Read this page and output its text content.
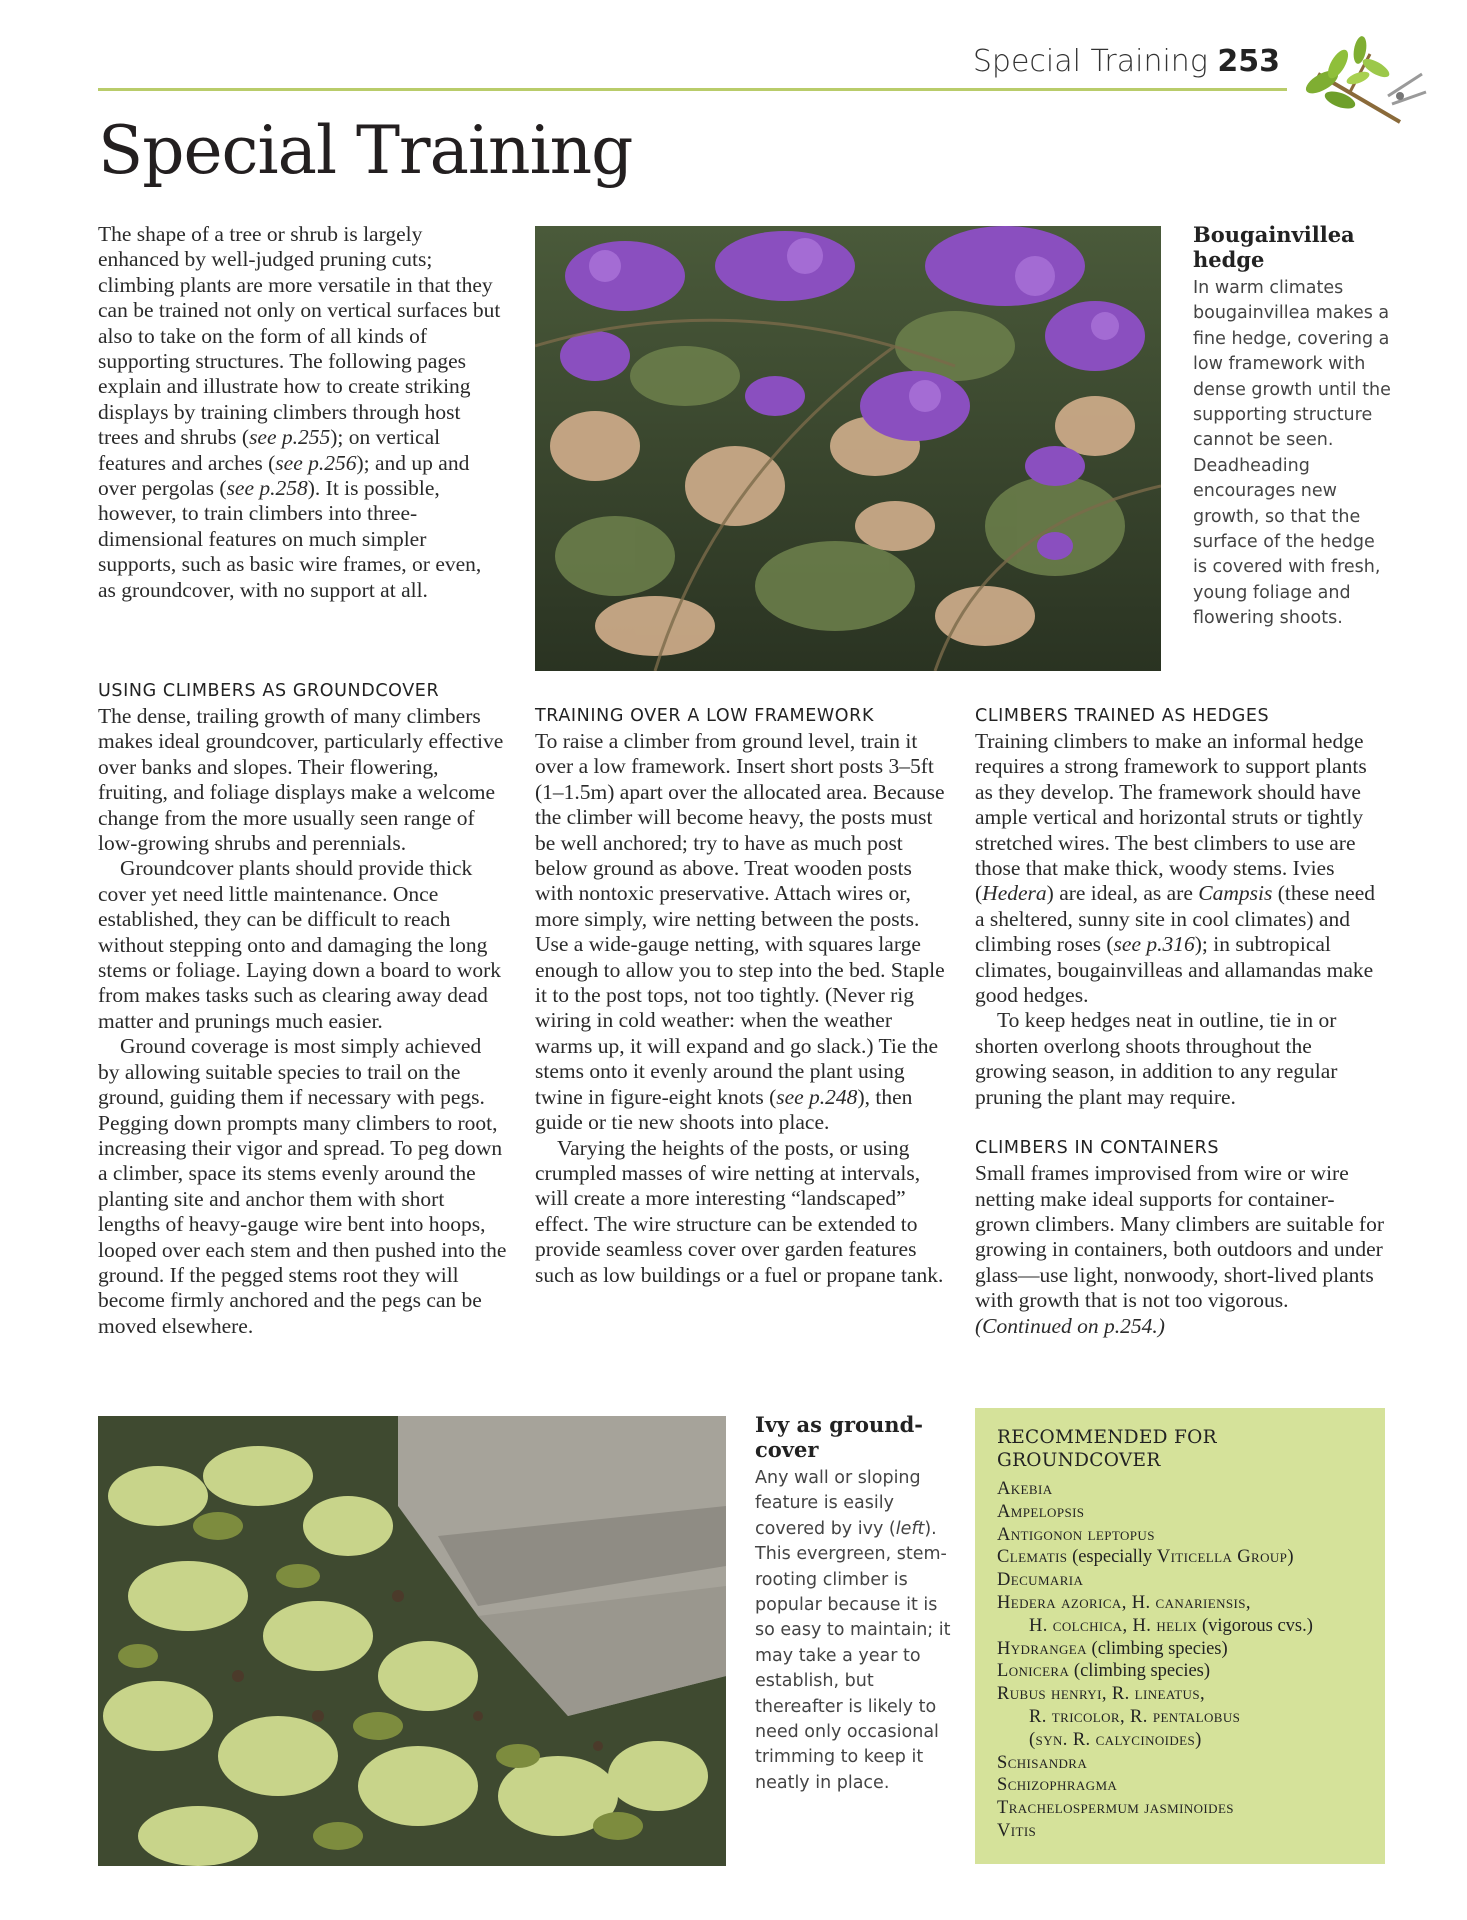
Special Training 253
Special Training

The shape of a tree or shrub is largely enhanced by well-judged pruning cuts; climbing plants are more versatile in that they can be trained not only on vertical surfaces but also to take on the form of all kinds of supporting structures. The following pages explain and illustrate how to create striking displays by training climbers through host trees and shrubs (see p.255); on vertical features and arches (see p.256); and up and over pergolas (see p.258). It is possible, however, to train climbers into three-dimensional features on much simpler supports, such as basic wire frames, or even, as groundcover, with no support at all.

Bougainvillea hedge

In warm climates bougainvillea makes a fine hedge, covering a low framework with dense growth until the supporting structure cannot be seen. Deadheading encourages new growth, so that the surface of the hedge is covered with fresh, young foliage and flowering shoots.

USING CLIMBERS AS GROUNDCOVER

The dense, trailing growth of many climbers makes ideal groundcover, particularly effective over banks and slopes. Their flowering, fruiting, and foliage displays make a welcome change from the more usually seen range of low-growing shrubs and perennials.

Groundcover plants should provide thick cover yet need little maintenance. Once established, they can be difficult to reach without stepping onto and damaging the long stems or foliage. Laying down a board to work from makes tasks such as clearing away dead matter and prunings much easier.

Ground coverage is most simply achieved by allowing suitable species to trail on the ground, guiding them if necessary with pegs. Pegging down prompts many climbers to root, increasing their vigor and spread. To peg down a climber, space its stems evenly around the planting site and anchor them with short lengths of heavy-gauge wire bent into hoops, looped over each stem and then pushed into the ground. If the pegged stems root they will become firmly anchored and the pegs can be moved elsewhere.

TRAINING OVER A LOW FRAMEWORK

To raise a climber from ground level, train it over a low framework. Insert short posts 3–5ft (1–1.5m) apart over the allocated area. Because the climber will become heavy, the posts must be well anchored; try to have as much post below ground as above. Treat wooden posts with nontoxic preservative. Attach wires or, more simply, wire netting between the posts. Use a wide-gauge netting, with squares large enough to allow you to step into the bed. Staple it to the post tops, not too tightly. (Never rig wiring in cold weather: when the weather warms up, it will expand and go slack.) Tie the stems onto it evenly around the plant using twine in figure-eight knots (see p.248), then guide or tie new shoots into place.

Varying the heights of the posts, or using crumpled masses of wire netting at intervals, will create a more interesting “landscaped” effect. The wire structure can be extended to provide seamless cover over garden features such as low buildings or a fuel or propane tank.

CLIMBERS TRAINED AS HEDGES

Training climbers to make an informal hedge requires a strong framework to support plants as they develop. The framework should have ample vertical and horizontal struts or tightly stretched wires. The best climbers to use are those that make thick, woody stems. Ivies (Hedera) are ideal, as are Campsis (these need a sheltered, sunny site in cool climates) and climbing roses (see p.316); in subtropical climates, bougainvilleas and allamandas make good hedges.

To keep hedges neat in outline, tie in or shorten overlong shoots throughout the growing season, in addition to any regular pruning the plant may require.

CLIMBERS IN CONTAINERS

Small frames improvised from wire or wire netting make ideal supports for container-grown climbers. Many climbers are suitable for growing in containers, both outdoors and under glass—use light, nonwoody, short-lived plants with growth that is not too vigorous. (Continued on p.254.)

Ivy as ground-cover

Any wall or sloping feature is easily covered by ivy (left). This evergreen, stem-rooting climber is popular because it is so easy to maintain; it may take a year to establish, but thereafter is likely to need only occasional trimming to keep it neatly in place.

RECOMMENDED FOR GROUNDCOVER
Akebia
Ampelopsis
Antigonon leptopus
Clematis (especially Viticella Group)
Decumaria
Hedera azorica, H. canariensis,
H. colchica, H. helix (vigorous cvs.)
Hydrangea (climbing species)
Lonicera (climbing species)
Rubus henryi, R. lineatus,
R. tricolor, R. pentalobus
(syn. R. calycinoides)
Schisandra
Schizophragma
Trachelospermum jasminoides
Vitis
